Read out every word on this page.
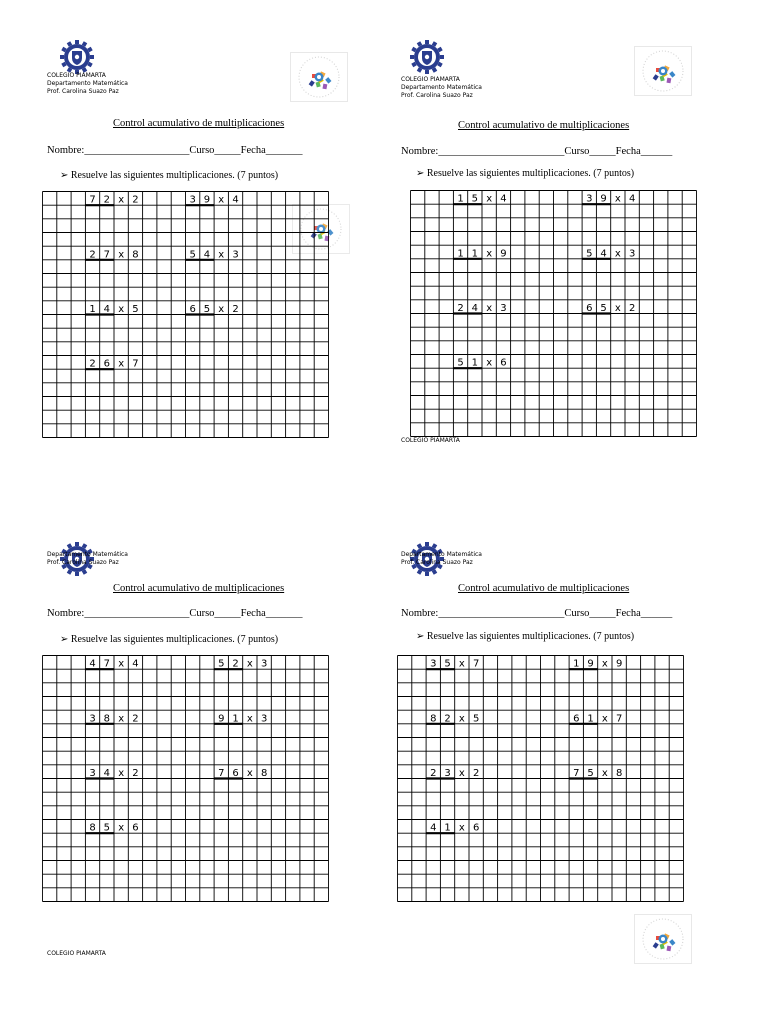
COLEGIO PIAMARTA
Departamento Matemática
Prof. Carolina Suazo Paz
Control acumulativo de multiplicaciones
Nombre:____________________Curso_____Fecha_______
➢ Resuelve las siguientes multiplicaciones. (7 puntos)
7 2 x 2	3 9 x 4
2 7 x 8	5 4 x 3
1 4 x 5	6 5 x 2
2 6 x 7
COLEGIO PIAMARTA
Departamento Matemática
Prof. Carolina Suazo Paz
Control acumulativo de multiplicaciones
Nombre:________________________Curso_____Fecha______
➢ Resuelve las siguientes multiplicaciones. (7 puntos)
1 5 x 4	3 9 x 4
1 1 x 9	5 4 x 3
2 4 x 3	6 5 x 2
5 1 x 6
COLEGIO PIAMARTA
Departamento Matemática
Prof. Carolina Suazo Paz
Control acumulativo de multiplicaciones
Nombre:____________________Curso_____Fecha_______
➢ Resuelve las siguientes multiplicaciones. (7 puntos)
4 7 x 4	5 2 x 3
3 8 x 2	9 1 x 3
3 4 x 2	7 6 x 8
8 5 x 6
COLEGIO PIAMARTA
Departamento Matemática
Prof. Carolina Suazo Paz
Control acumulativo de multiplicaciones
Nombre:________________________Curso_____Fecha______
➢ Resuelve las siguientes multiplicaciones. (7 puntos)
3 5 x 7	1 9 x 9
8 2 x 5	6 1 x 7
2 3 x 2	7 5 x 8
4 1 x 6
